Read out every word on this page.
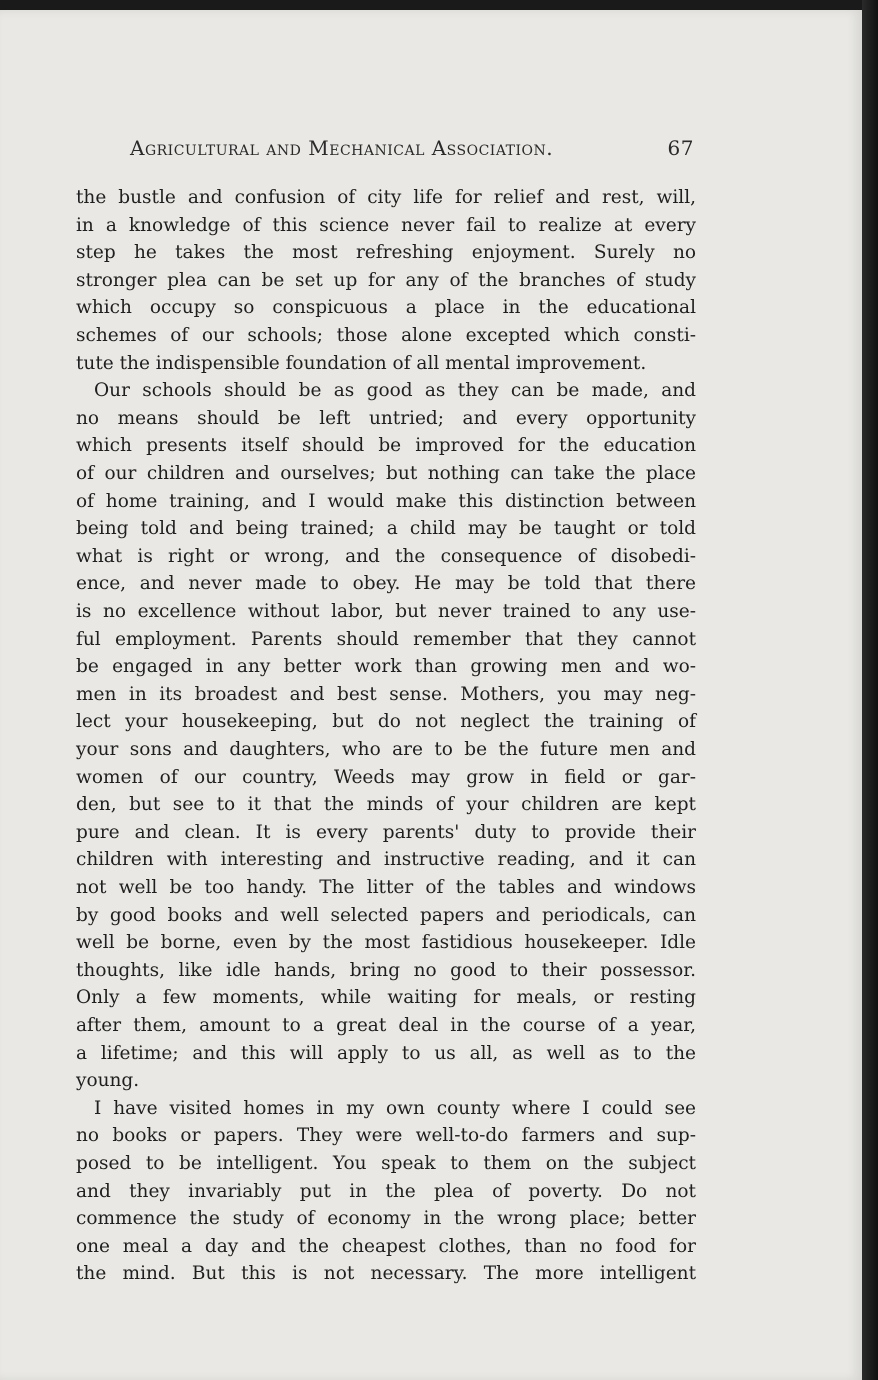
Agricultural and Mechanical Association.	67
the bustle and confusion of city life for relief and rest, will,
in a knowledge of this science never fail to realize at every
step he takes the most refreshing enjoyment. Surely no
stronger plea can be set up for any of the branches of study
which occupy so conspicuous a place in the educational
schemes of our schools; those alone excepted which consti-
tute the indispensible foundation of all mental improvement.
Our schools should be as good as they can be made, and
no means should be left untried; and every opportunity
which presents itself should be improved for the education
of our children and ourselves; but nothing can take the place
of home training, and I would make this distinction between
being told and being trained; a child may be taught or told
what is right or wrong, and the consequence of disobedi-
ence, and never made to obey. He may be told that there
is no excellence without labor, but never trained to any use-
ful employment. Parents should remember that they cannot
be engaged in any better work than growing men and wo-
men in its broadest and best sense. Mothers, you may neg-
lect your housekeeping, but do not neglect the training of
your sons and daughters, who are to be the future men and
women of our country, Weeds may grow in field or gar-
den, but see to it that the minds of your children are kept
pure and clean. It is every parents' duty to provide their
children with interesting and instructive reading, and it can
not well be too handy. The litter of the tables and windows
by good books and well selected papers and periodicals, can
well be borne, even by the most fastidious housekeeper. Idle
thoughts, like idle hands, bring no good to their possessor.
Only a few moments, while waiting for meals, or resting
after them, amount to a great deal in the course of a year,
a lifetime; and this will apply to us all, as well as to the
young.
I have visited homes in my own county where I could see
no books or papers. They were well-to-do farmers and sup-
posed to be intelligent. You speak to them on the subject
and they invariably put in the plea of poverty. Do not
commence the study of economy in the wrong place; better
one meal a day and the cheapest clothes, than no food for
the mind. But this is not necessary. The more intelligent
